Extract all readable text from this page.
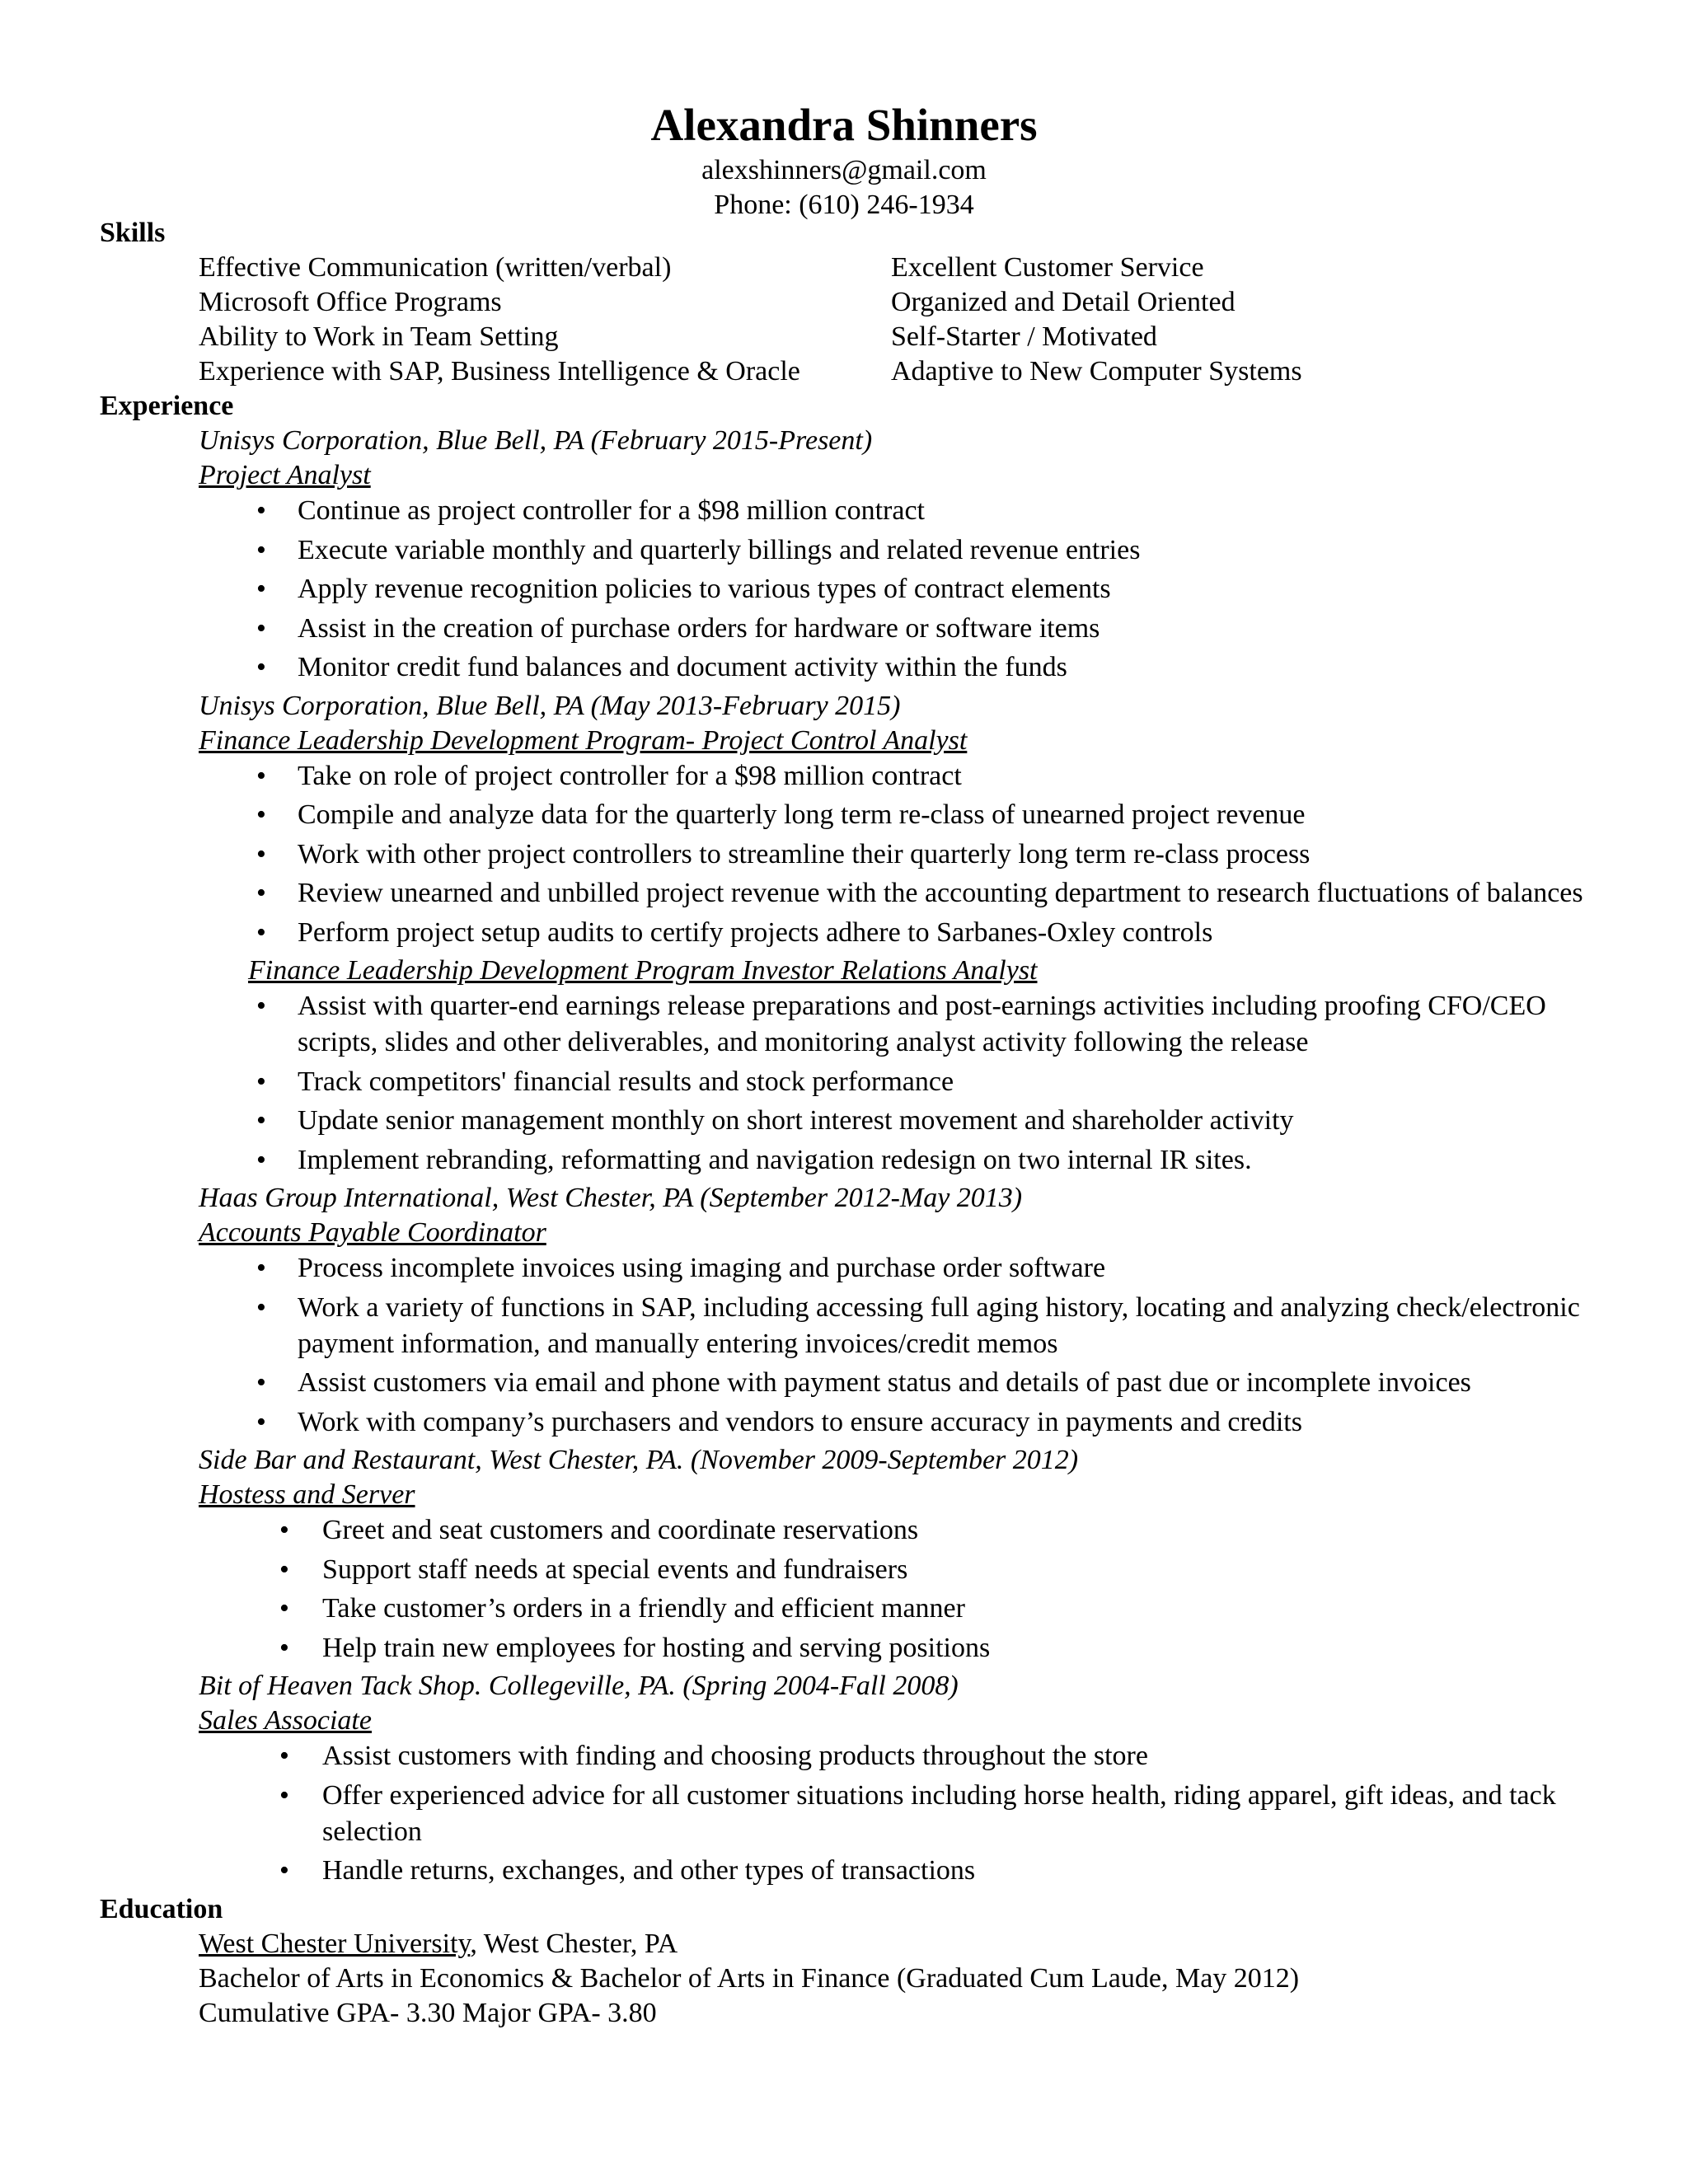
Alexandra Shinners
alexshinners@gmail.com
Phone: (610) 246-1934
Skills
Effective Communication (written/verbal)	Excellent Customer Service
Microsoft Office Programs	Organized and Detail Oriented
Ability to Work in Team Setting	Self-Starter / Motivated
Experience with SAP, Business Intelligence & Oracle	Adaptive to New Computer Systems
Experience
Unisys Corporation, Blue Bell, PA (February 2015-Present)
Project Analyst
• Continue as project controller for a $98 million contract
• Execute variable monthly and quarterly billings and related revenue entries
• Apply revenue recognition policies to various types of contract elements
• Assist in the creation of purchase orders for hardware or software items
• Monitor credit fund balances and document activity within the funds
Unisys Corporation, Blue Bell, PA (May 2013-February 2015)
Finance Leadership Development Program- Project Control Analyst
• Take on role of project controller for a $98 million contract
• Compile and analyze data for the quarterly long term re-class of unearned project revenue
• Work with other project controllers to streamline their quarterly long term re-class process
• Review unearned and unbilled project revenue with the accounting department to research fluctuations of balances
• Perform project setup audits to certify projects adhere to Sarbanes-Oxley controls
Finance Leadership Development Program Investor Relations Analyst
• Assist with quarter-end earnings release preparations and post-earnings activities including proofing CFO/CEO scripts, slides and other deliverables, and monitoring analyst activity following the release
• Track competitors' financial results and stock performance
• Update senior management monthly on short interest movement and shareholder activity
• Implement rebranding, reformatting and navigation redesign on two internal IR sites.
Haas Group International, West Chester, PA (September 2012-May 2013)
Accounts Payable Coordinator
• Process incomplete invoices using imaging and purchase order software
• Work a variety of functions in SAP, including accessing full aging history, locating and analyzing check/electronic payment information, and manually entering invoices/credit memos
• Assist customers via email and phone with payment status and details of past due or incomplete invoices
• Work with company’s purchasers and vendors to ensure accuracy in payments and credits
Side Bar and Restaurant, West Chester, PA. (November 2009-September 2012)
Hostess and Server
• Greet and seat customers and coordinate reservations
• Support staff needs at special events and fundraisers
• Take customer’s orders in a friendly and efficient manner
• Help train new employees for hosting and serving positions
Bit of Heaven Tack Shop. Collegeville, PA. (Spring 2004-Fall 2008)
Sales Associate
• Assist customers with finding and choosing products throughout the store
• Offer experienced advice for all customer situations including horse health, riding apparel, gift ideas, and tack selection
• Handle returns, exchanges, and other types of transactions
Education
West Chester University, West Chester, PA
Bachelor of Arts in Economics & Bachelor of Arts in Finance (Graduated Cum Laude, May 2012)
Cumulative GPA- 3.30 Major GPA- 3.80
